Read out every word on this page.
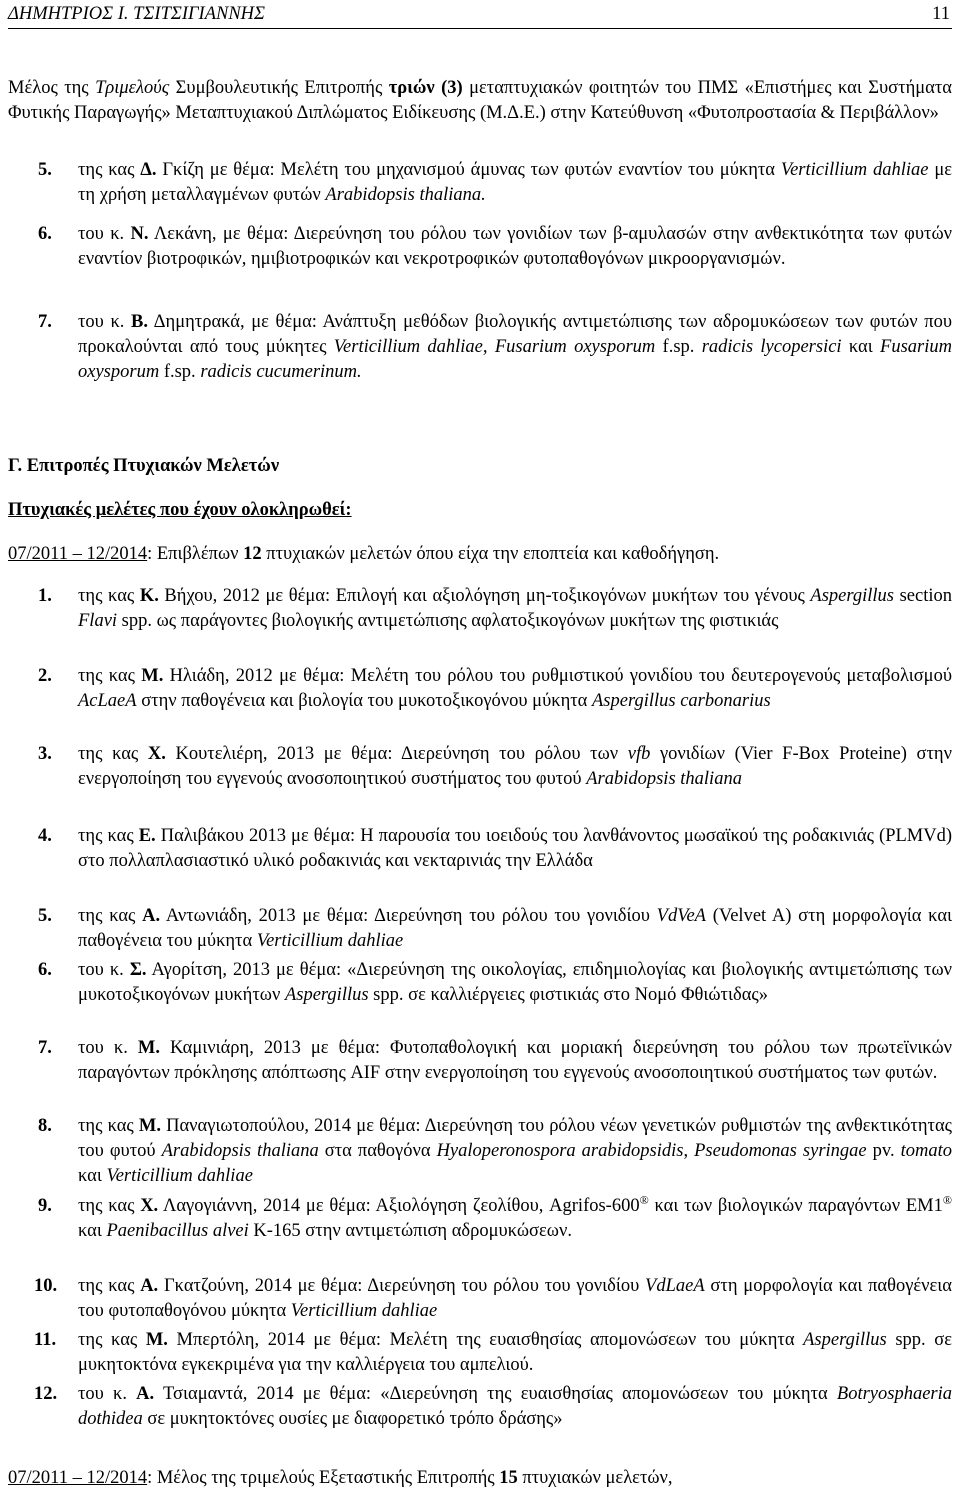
ΔΗΜΗΤΡΙΟΣ Ι. ΤΣΙΤΣΙΓΙΑΝΝΗΣ	11

Μέλος της Τριμελούς Συμβουλευτικής Επιτροπής τριών (3) μεταπτυχιακών φοιτητών του ΠΜΣ «Επιστήμες και Συστήματα Φυτικής Παραγωγής» Μεταπτυχιακού Διπλώματος Ειδίκευσης (Μ.Δ.Ε.) στην Κατεύθυνση «Φυτοπροστασία & Περιβάλλον»

5. της κας Δ. Γκίζη με θέμα: Μελέτη του μηχανισμού άμυνας των φυτών εναντίον του μύκητα Verticillium dahliae με τη χρήση μεταλλαγμένων φυτών Arabidopsis thaliana.

6. του κ. Ν. Λεκάνη, με θέμα: Διερεύνηση του ρόλου των γονιδίων των β-αμυλασών στην ανθεκτικότητα των φυτών εναντίον βιοτροφικών, ημιβιοτροφικών και νεκροτροφικών φυτοπαθογόνων μικροοργανισμών.

7. του κ. Β. Δημητρακά, με θέμα: Ανάπτυξη μεθόδων βιολογικής αντιμετώπισης των αδρομυκώσεων των φυτών που προκαλούνται από τους μύκητες Verticillium dahliae, Fusarium oxysporum f.sp. radicis lycopersici και Fusarium oxysporum f.sp. radicis cucumerinum.

Γ. Επιτροπές Πτυχιακών Μελετών
Πτυχιακές μελέτες που έχουν ολοκληρωθεί:
07/2011 – 12/2014: Επιβλέπων 12 πτυχιακών μελετών όπου είχα την εποπτεία και καθοδήγηση.
1. της κας Κ. Βήχου, 2012 με θέμα: Επιλογή και αξιολόγηση μη-τοξικογόνων μυκήτων του γένους Aspergillus section Flavi spp. ως παράγοντες βιολογικής αντιμετώπισης αφλατοξικογόνων μυκήτων της φιστικιάς

2. της κας Μ. Ηλιάδη, 2012 με θέμα: Μελέτη του ρόλου του ρυθμιστικού γονιδίου του δευτερογενούς μεταβολισμού AcLaeA στην παθογένεια και βιολογία του μυκοτοξικογόνου μύκητα Aspergillus carbonarius

3. της κας Χ. Κουτελιέρη, 2013 με θέμα: Διερεύνηση του ρόλου των vfb γονιδίων (Vier F-Box Proteine) στην ενεργοποίηση του εγγενούς ανοσοποιητικού συστήματος του φυτού Arabidopsis thaliana

4. της κας Ε. Παλιβάκου 2013 με θέμα: Η παρουσία του ιοειδούς του λανθάνοντος μωσαϊκού της ροδακινιάς (PLMVd) στο πολλαπλασιαστικό υλικό ροδακινιάς και νεκταρινιάς την Ελλάδα

5. της κας Α. Αντωνιάδη, 2013 με θέμα: Διερεύνηση του ρόλου του γονιδίου VdVeA (Velvet A) στη μορφολογία και παθογένεια του μύκητα Verticillium dahliae

6. του κ. Σ. Αγορίτση, 2013 με θέμα: «Διερεύνηση της οικολογίας, επιδημιολογίας και βιολογικής αντιμετώπισης των μυκοτοξικογόνων μυκήτων Aspergillus spp. σε καλλιέργειες φιστικιάς στο Νομό Φθιώτιδας»

7. του κ. Μ. Καμινιάρη, 2013 με θέμα: Φυτοπαθολογική και μοριακή διερεύνηση του ρόλου των πρωτεϊνικών παραγόντων πρόκλησης απόπτωσης AIF στην ενεργοποίηση του εγγενούς ανοσοποιητικού συστήματος των φυτών.

8. της κας Μ. Παναγιωτοπούλου, 2014 με θέμα: Διερεύνηση του ρόλου νέων γενετικών ρυθμιστών της ανθεκτικότητας του φυτού Arabidopsis thaliana στα παθογόνα Hyaloperonospora arabidopsidis, Pseudomonas syringae pv. tomato και Verticillium dahliae

9. της κας Χ. Λαγογιάννη, 2014 με θέμα: Αξιολόγηση ζεολίθου, Agrifos-600® και των βιολογικών παραγόντων ΕΜ1® και Paenibacillus alvei K-165 στην αντιμετώπιση αδρομυκώσεων.

10. της κας Α. Γκατζούνη, 2014 με θέμα: Διερεύνηση του ρόλου του γονιδίου VdLaeA στη μορφολογία και παθογένεια του φυτοπαθογόνου μύκητα Verticillium dahliae

11. της κας Μ. Μπερτόλη, 2014 με θέμα: Μελέτη της ευαισθησίας απομονώσεων του μύκητα Aspergillus spp. σε μυκητοκτόνα εγκεκριμένα για την καλλιέργεια του αμπελιού.

12. του κ. Α. Τσιαμαντά, 2014 με θέμα: «Διερεύνηση της ευαισθησίας απομονώσεων του μύκητα Botryosphaeria dothidea σε μυκητοκτόνες ουσίες με διαφορετικό τρόπο δράσης»

07/2011 – 12/2014: Μέλος της τριμελούς Εξεταστικής Επιτροπής 15 πτυχιακών μελετών,
